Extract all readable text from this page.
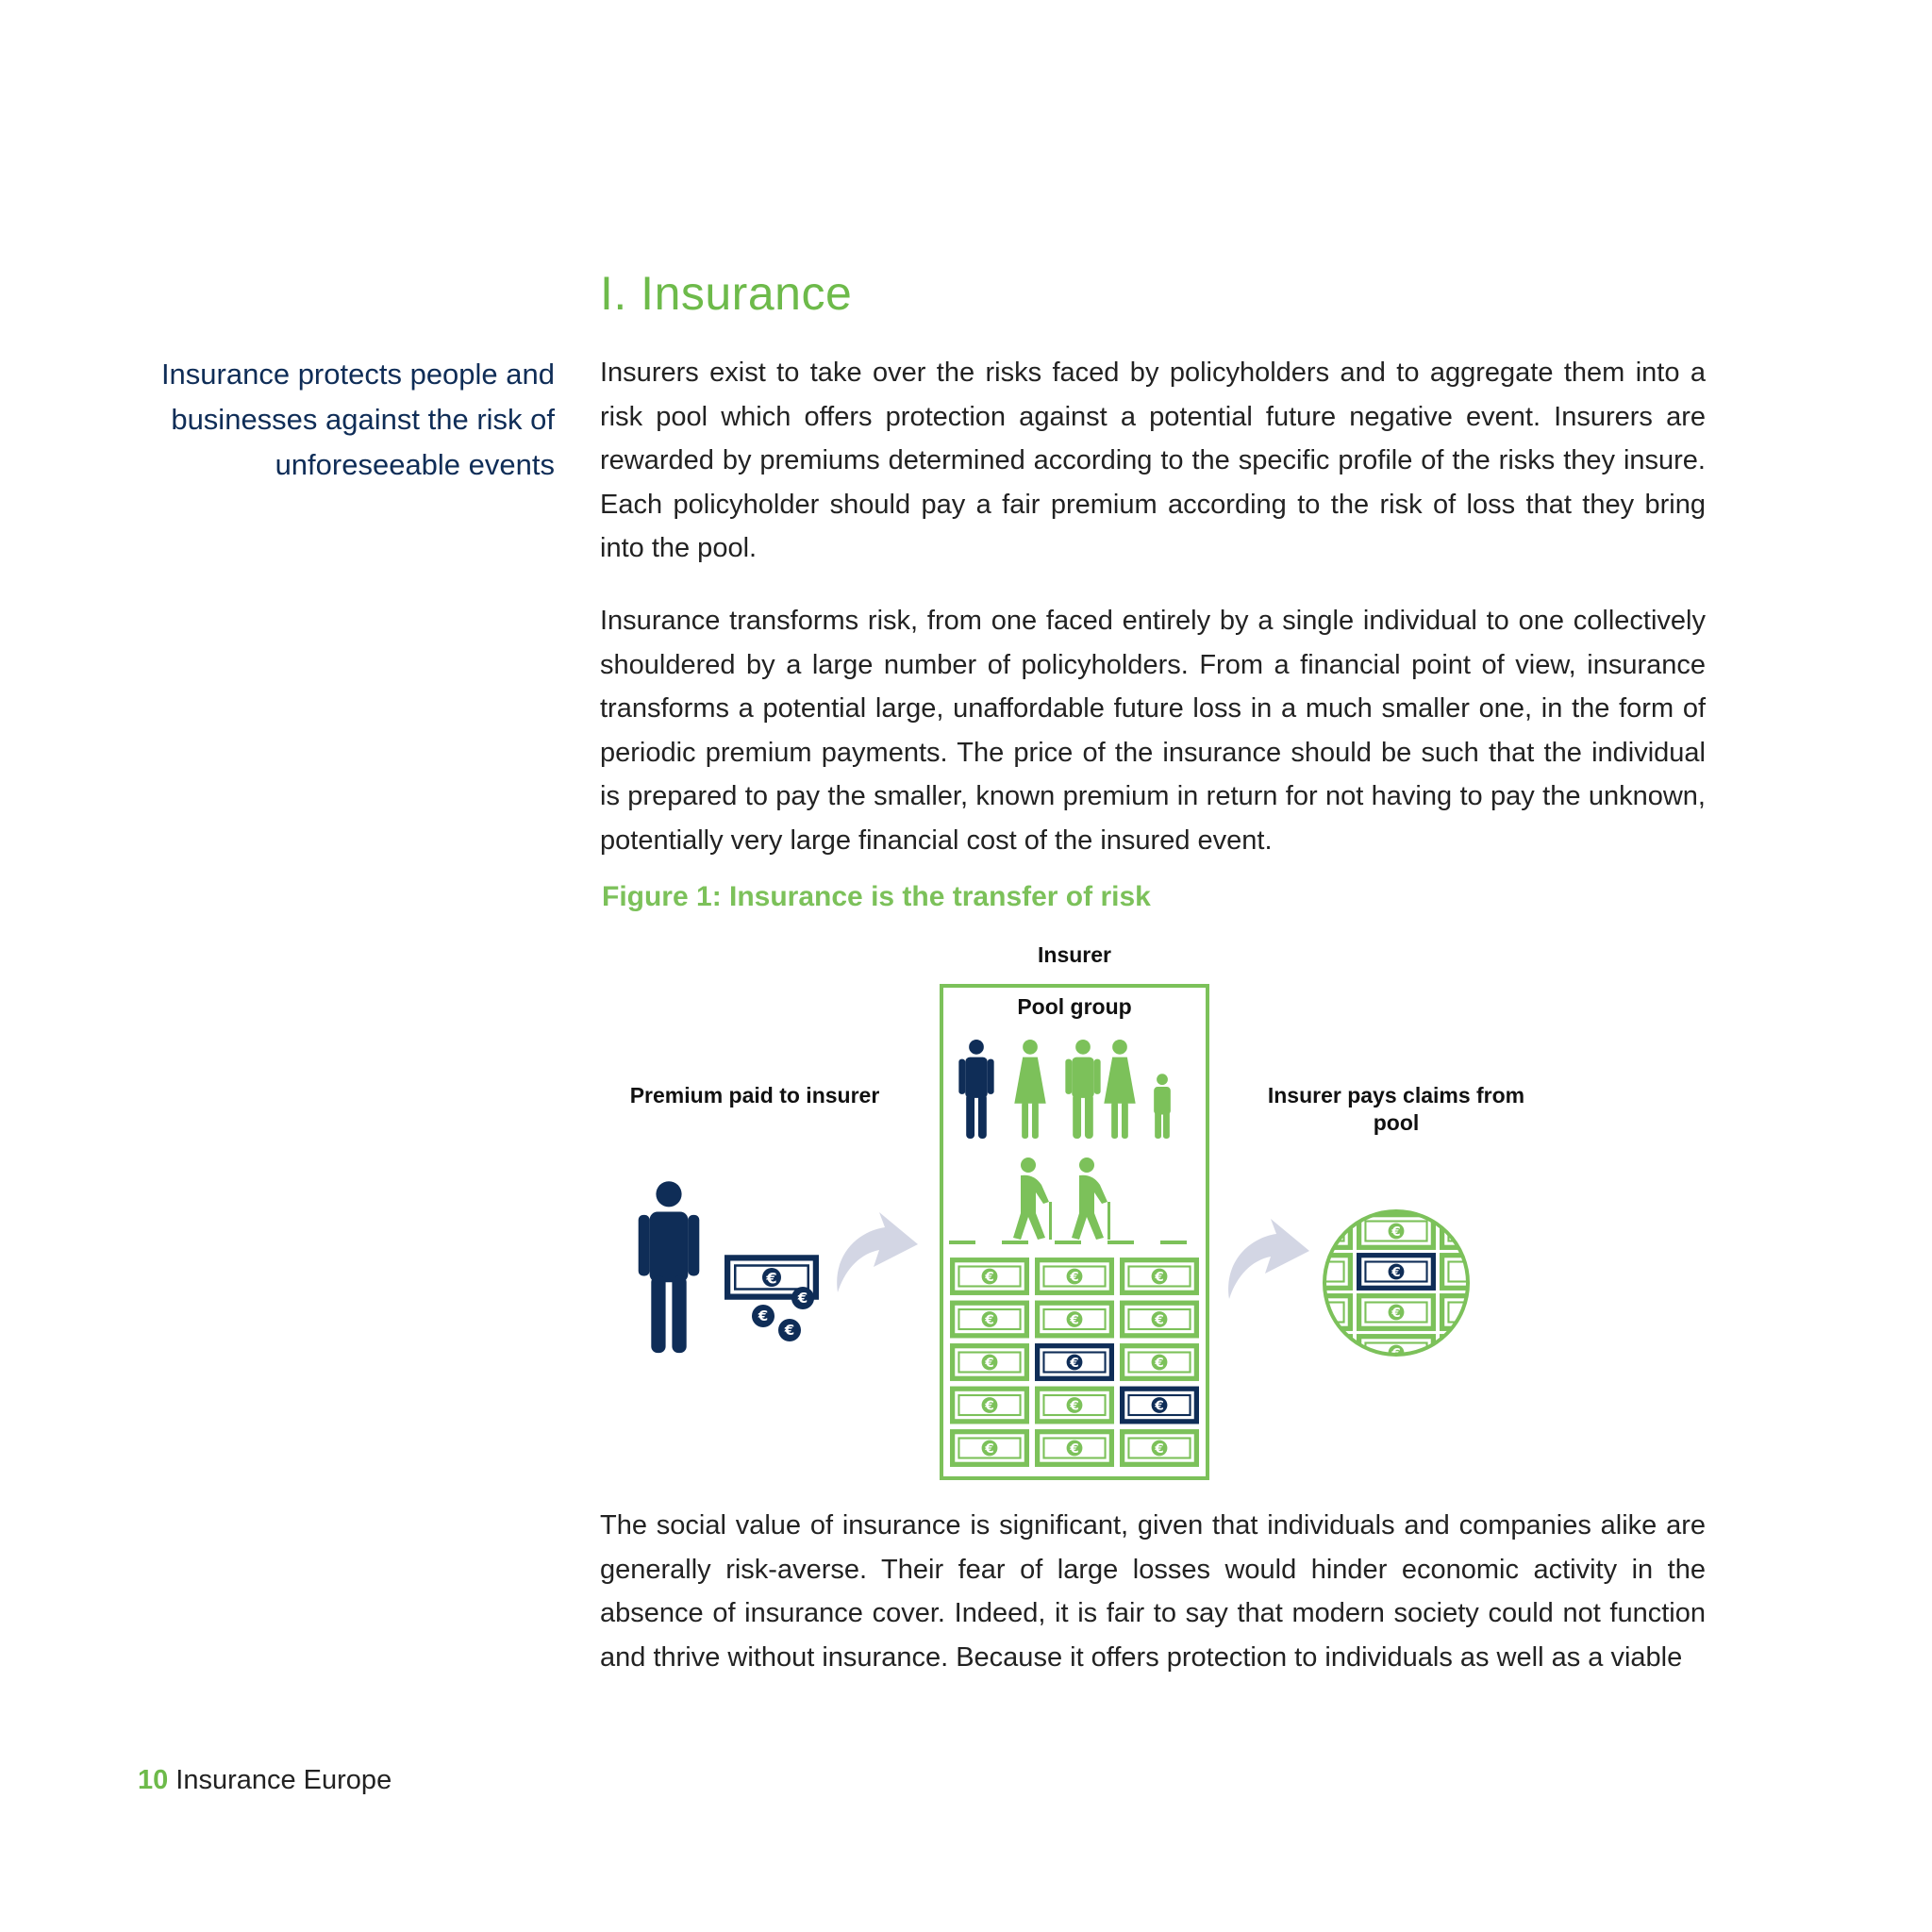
I. Insurance
Insurance protects people and businesses against the risk of unforeseeable events

Insurers exist to take over the risks faced by policyholders and to aggregate them into a risk pool which offers protection against a potential future negative event. Insurers are rewarded by premiums determined according to the specific profile of the risks they insure. Each policyholder should pay a fair premium according to the risk of loss that they bring into the pool.

Insurance transforms risk, from one faced entirely by a single individual to one collectively shouldered by a large number of policyholders. From a financial point of view, insurance transforms a potential large, unaffordable future loss in a much smaller one, in the form of periodic premium payments. The price of the insurance should be such that the individual is prepared to pay the smaller, known premium in return for not having to pay the unknown, potentially very large financial cost of the insured event.

Figure 1: Insurance is the transfer of risk
Insurer
Pool group
Premium paid to insurer	Insurer pays claims from pool

The social value of insurance is significant, given that individuals and companies alike are generally risk-averse. Their fear of large losses would hinder economic activity in the absence of insurance cover. Indeed, it is fair to say that modern society could not function and thrive without insurance. Because it offers protection to individuals as well as a viable

10 Insurance Europe
